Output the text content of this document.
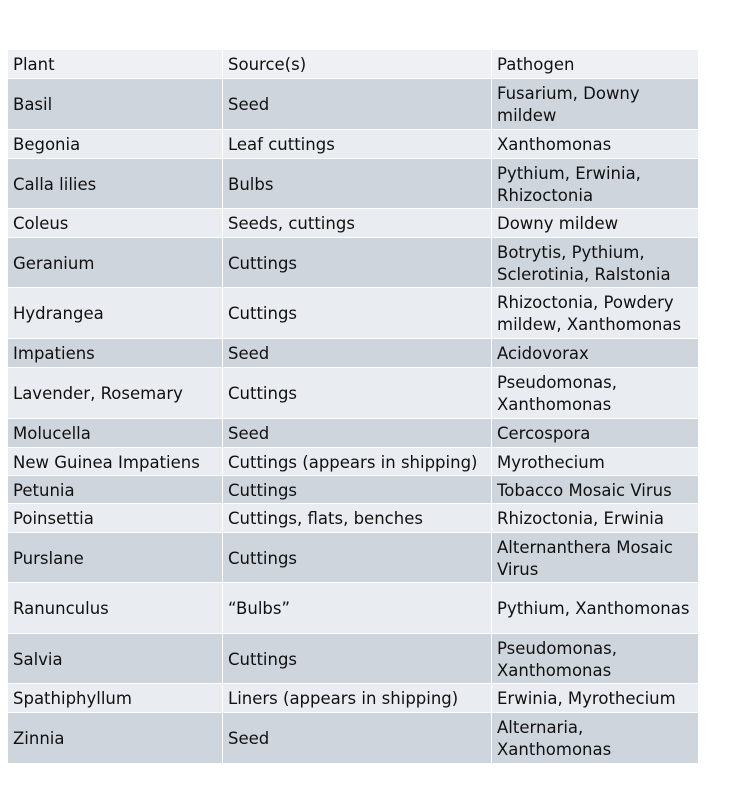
Plant	Source(s)	Pathogen
Basil	Seed	Fusarium, Downy mildew
Begonia	Leaf cuttings	Xanthomonas
Calla lilies	Bulbs	Pythium, Erwinia, Rhizoctonia
Coleus	Seeds, cuttings	Downy mildew
Geranium	Cuttings	Botrytis, Pythium, Sclerotinia, Ralstonia
Hydrangea	Cuttings	Rhizoctonia, Powdery mildew, Xanthomonas
Impatiens	Seed	Acidovorax
Lavender, Rosemary	Cuttings	Pseudomonas, Xanthomonas
Molucella	Seed	Cercospora
New Guinea Impatiens	Cuttings (appears in shipping)	Myrothecium
Petunia	Cuttings	Tobacco Mosaic Virus
Poinsettia	Cuttings, flats, benches	Rhizoctonia, Erwinia
Purslane	Cuttings	Alternanthera Mosaic Virus
Ranunculus	“Bulbs”	Pythium, Xanthomonas
Salvia	Cuttings	Pseudomonas, Xanthomonas
Spathiphyllum	Liners (appears in shipping)	Erwinia, Myrothecium
Zinnia	Seed	Alternaria, Xanthomonas
